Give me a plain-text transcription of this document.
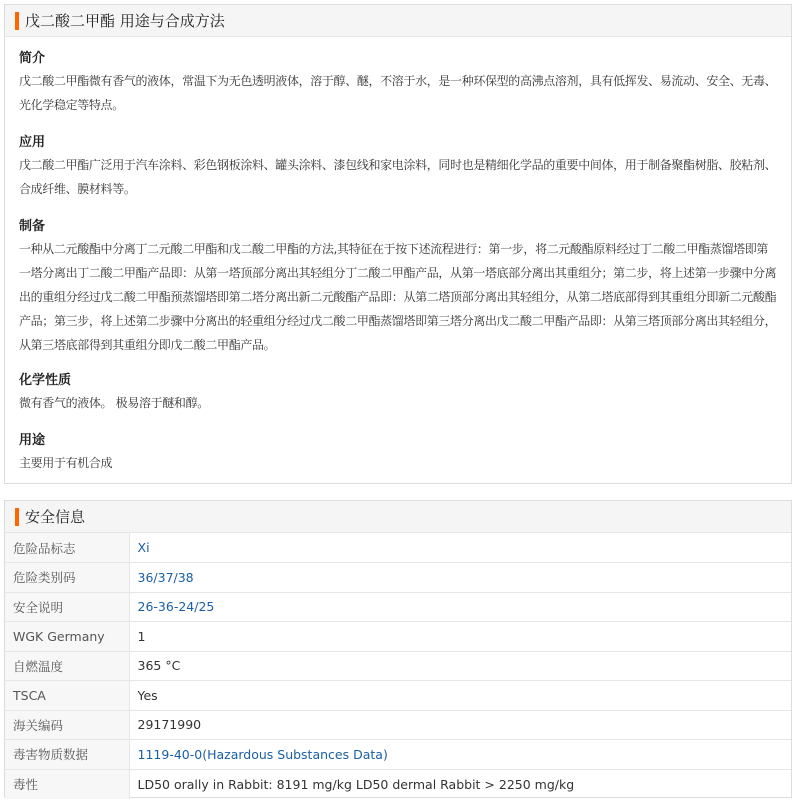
戊二酸二甲酯 用途与合成方法

简介

戊二酸二甲酯微有香气的液体，常温下为无色透明液体，溶于醇、醚，不溶于水，是一种环保型的高沸点溶剂，具有低挥发、易流动、安全、无毒、光化学稳定等特点。

应用

戊二酸二甲酯广泛用于汽车涂料、彩色钢板涂料、罐头涂料、漆包线和家电涂料，同时也是精细化学品的重要中间体，用于制备聚酯树脂、胶粘剂、合成纤维、膜材料等。

制备

一种从二元酸酯中分离丁二元酸二甲酯和戊二酸二甲酯的方法,其特征在于按下述流程进行：第一步，将二元酸酯原料经过丁二酸二甲酯蒸馏塔即第一塔分离出丁二酸二甲酯产品即：从第一塔顶部分离出其轻组分丁二酸二甲酯产品，从第一塔底部分离出其重组分；第二步，将上述第一步骤中分离出的重组分经过戊二酸二甲酯预蒸馏塔即第二塔分离出新二元酸酯产品即：从第二塔顶部分离出其轻组分，从第二塔底部得到其重组分即新二元酸酯产品；第三步，将上述第二步骤中分离出的轻重组分经过戊二酸二甲酯蒸馏塔即第三塔分离出戊二酸二甲酯产品即：从第三塔顶部分离出其轻组分，从第三塔底部得到其重组分即戊二酸二甲酯产品。

化学性质

微有香气的液体。 极易溶于醚和醇。

用途

主要用于有机合成

安全信息
危险品标志	Xi
危险类别码	36/37/38
安全说明	26-36-24/25
WGK Germany	1
自燃温度	365 °C
TSCA	Yes
海关编码	29171990
毒害物质数据	1119-40-0(Hazardous Substances Data)
毒性	LD50 orally in Rabbit: 8191 mg/kg LD50 dermal Rabbit > 2250 mg/kg
